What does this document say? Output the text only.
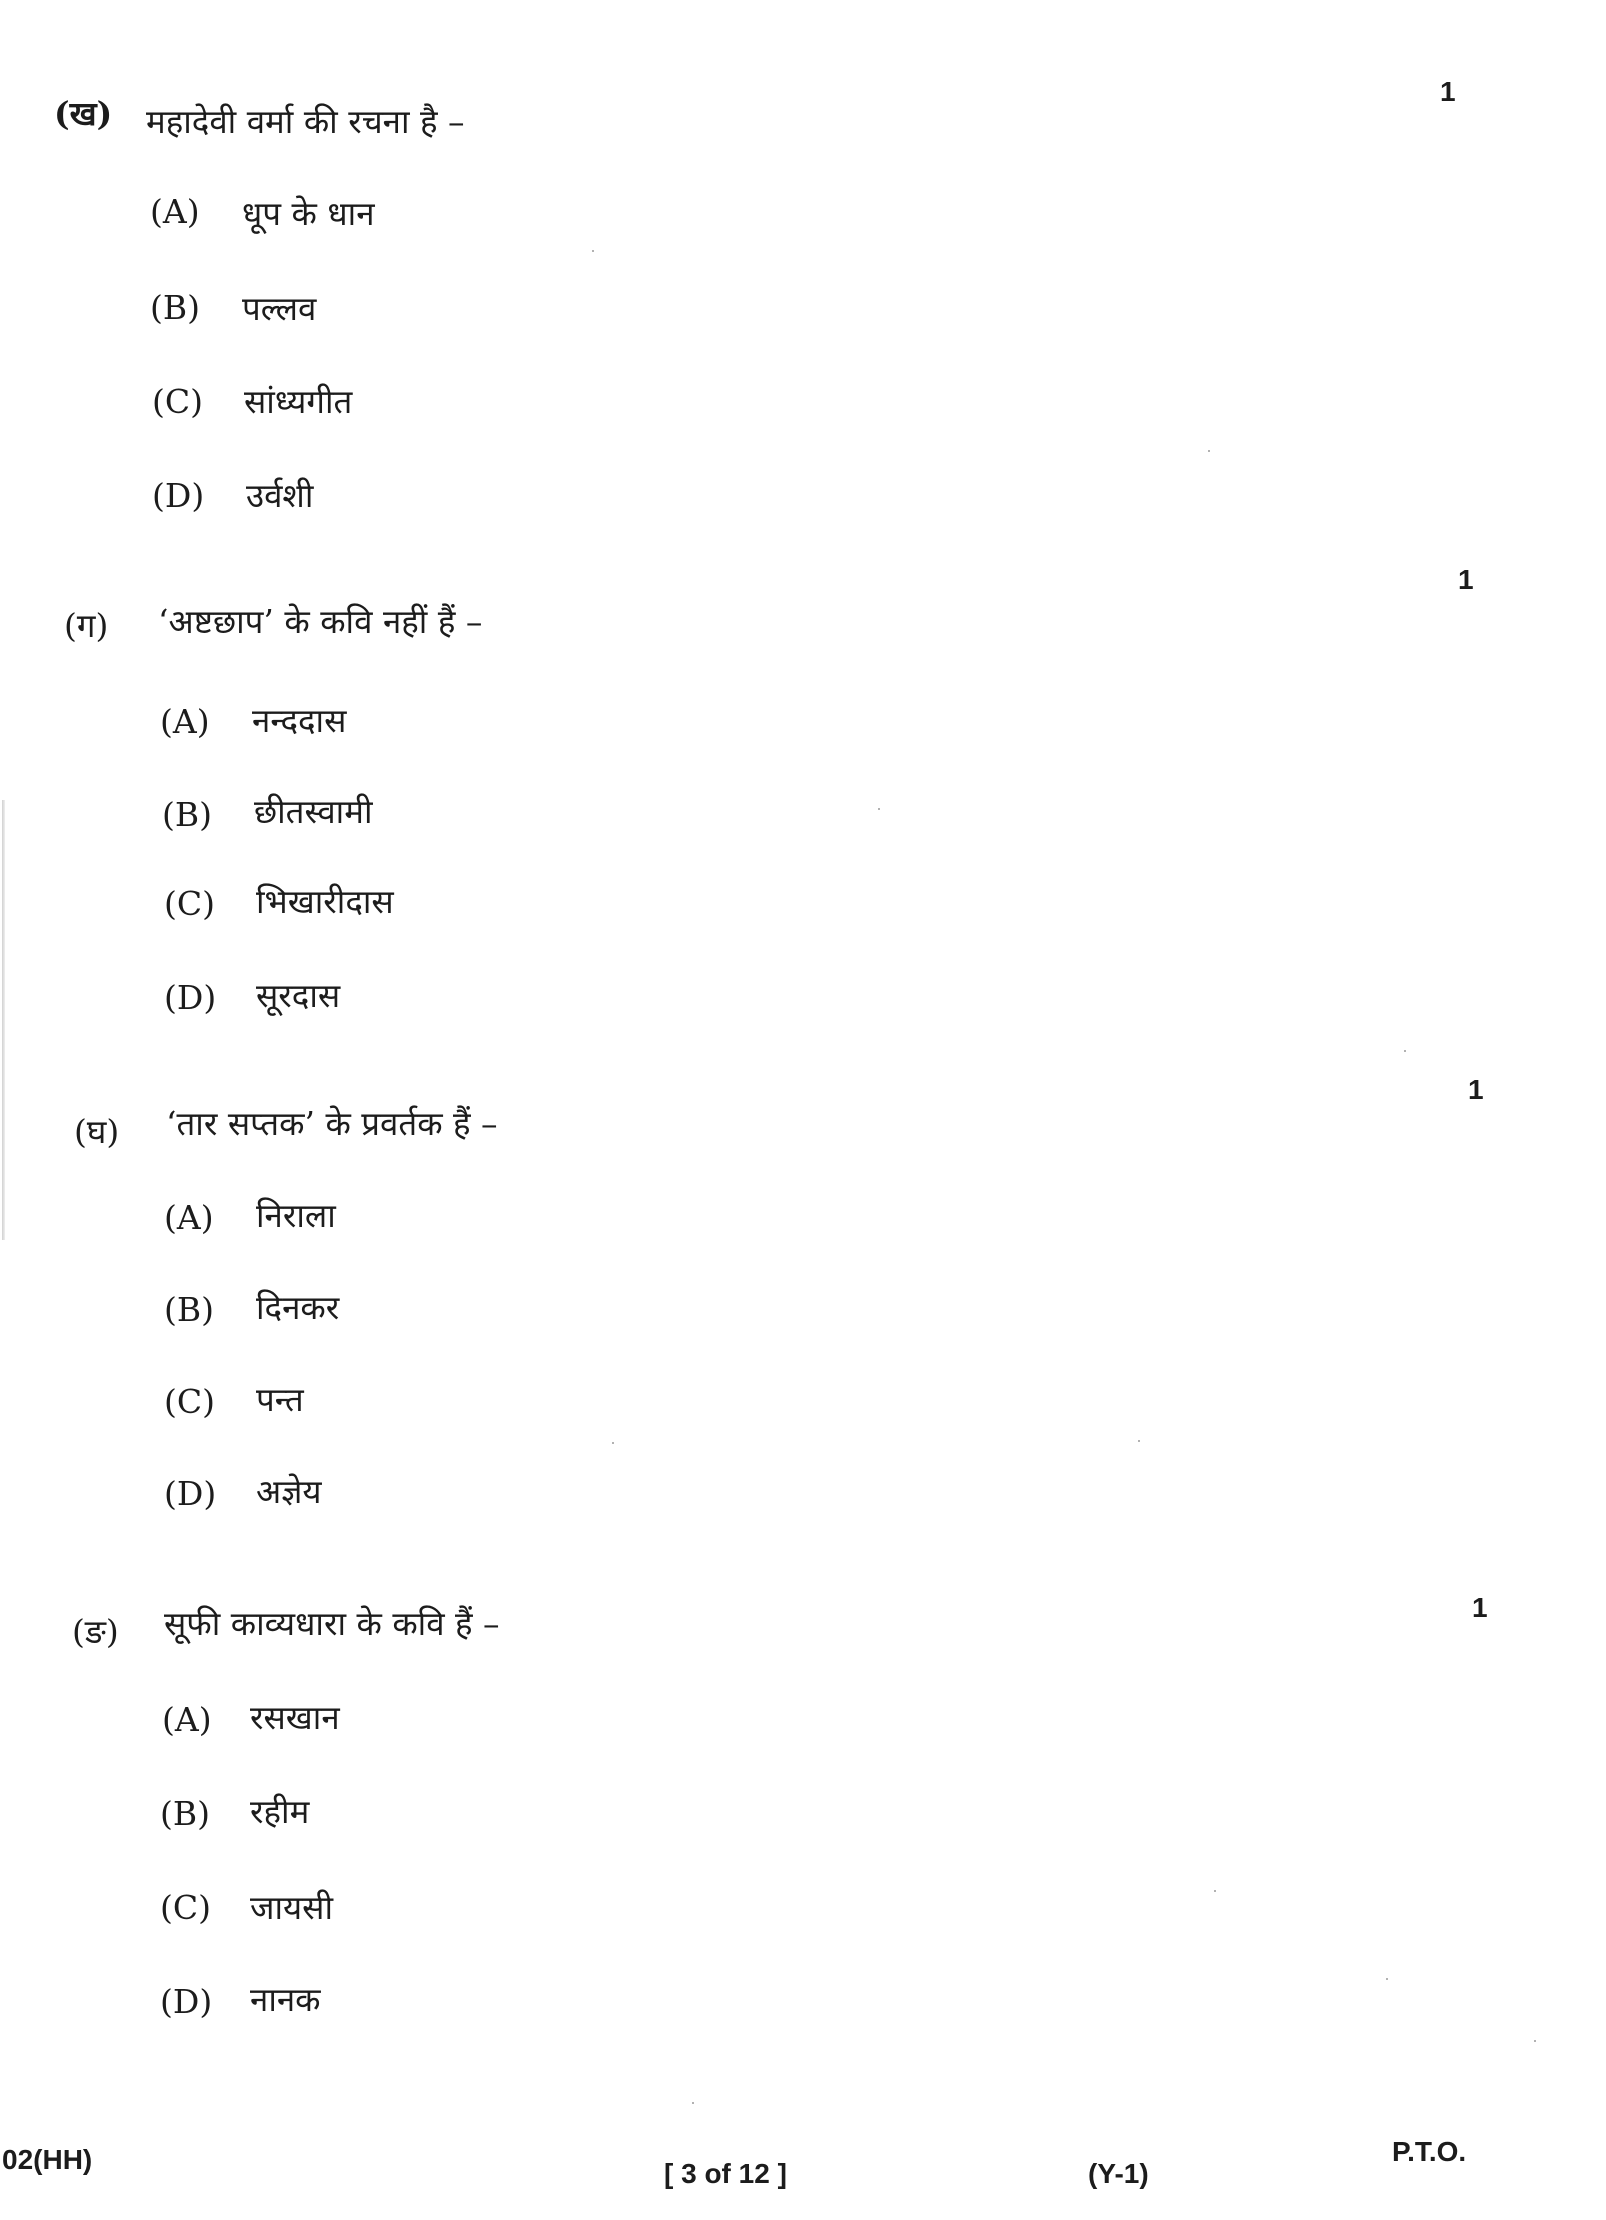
(ख) महादेवी वर्मा की रचना है –
1
(A) धूप के धान
(B) पल्लव
(C) सांध्यगीत
(D) उर्वशी
(ग) ‘अष्टछाप’ के कवि नहीं हैं –
1
(A) नन्ददास
(B) छीतस्वामी
(C) भिखारीदास
(D) सूरदास
(घ) ‘तार सप्तक’ के प्रवर्तक हैं –
1
(A) निराला
(B) दिनकर
(C) पन्त
(D) अज्ञेय
(ङ) सूफी काव्यधारा के कवि हैं –	1
(A) रसखान
(B) रहीम
(C) जायसी
(D) नानक
02(HH)	[ 3 of 12 ]	(Y-1)
P.T.O.
